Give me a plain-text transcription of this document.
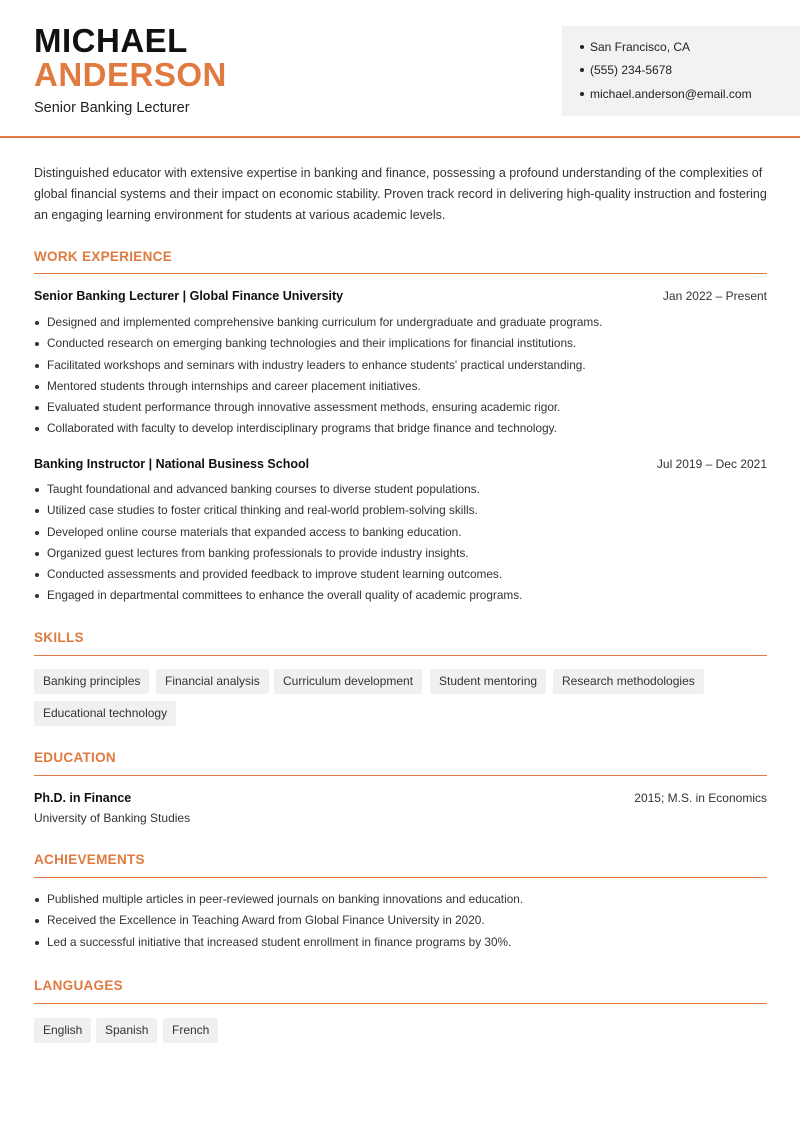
MICHAEL
ANDERSON
Senior Banking Lecturer
San Francisco, CA
(555) 234-5678
michael.anderson@email.com
Distinguished educator with extensive expertise in banking and finance, possessing a profound understanding of the complexities of global financial systems and their impact on economic stability. Proven track record in delivering high-quality instruction and fostering an engaging learning environment for students at various academic levels.
WORK EXPERIENCE
Senior Banking Lecturer | Global Finance University	Jan 2022 – Present
Designed and implemented comprehensive banking curriculum for undergraduate and graduate programs.
Conducted research on emerging banking technologies and their implications for financial institutions.
Facilitated workshops and seminars with industry leaders to enhance students' practical understanding.
Mentored students through internships and career placement initiatives.
Evaluated student performance through innovative assessment methods, ensuring academic rigor.
Collaborated with faculty to develop interdisciplinary programs that bridge finance and technology.
Banking Instructor | National Business School	Jul 2019 – Dec 2021
Taught foundational and advanced banking courses to diverse student populations.
Utilized case studies to foster critical thinking and real-world problem-solving skills.
Developed online course materials that expanded access to banking education.
Organized guest lectures from banking professionals to provide industry insights.
Conducted assessments and provided feedback to improve student learning outcomes.
Engaged in departmental committees to enhance the overall quality of academic programs.
SKILLS
Banking principles	Financial analysis	Curriculum development	Student mentoring	Research methodologies
Educational technology
EDUCATION
Ph.D. in Finance	2015; M.S. in Economics
University of Banking Studies
ACHIEVEMENTS
Published multiple articles in peer-reviewed journals on banking innovations and education.
Received the Excellence in Teaching Award from Global Finance University in 2020.
Led a successful initiative that increased student enrollment in finance programs by 30%.
LANGUAGES
English	Spanish	French
